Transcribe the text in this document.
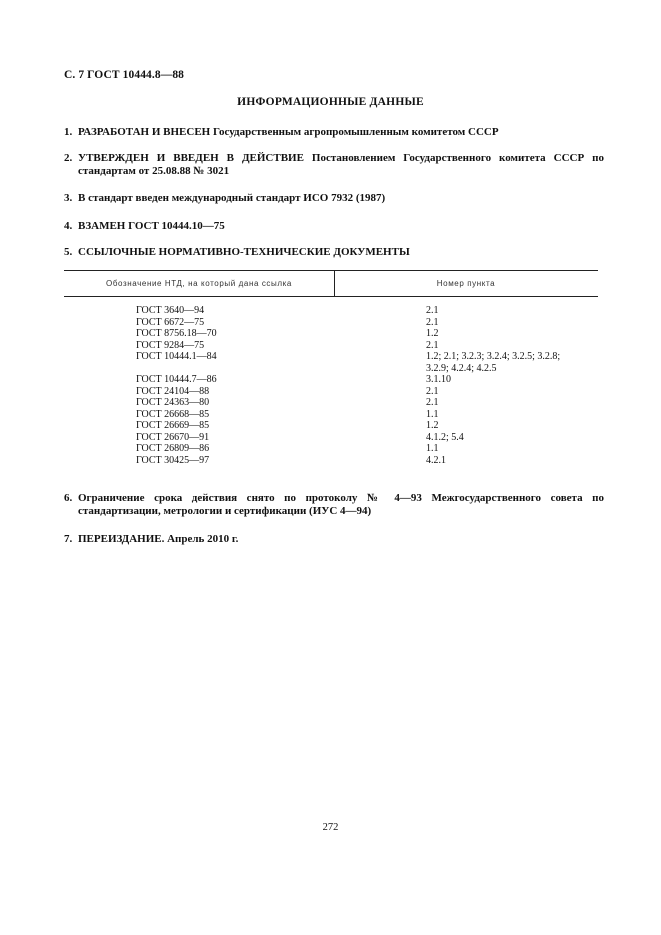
С. 7 ГОСТ 10444.8—88
ИНФОРМАЦИОННЫЕ ДАННЫЕ
1. РАЗРАБОТАН И ВНЕСЕН Государственным агропромышленным комитетом СССР
2. УТВЕРЖДЕН И ВВЕДЕН В ДЕЙСТВИЕ Постановлением Государственного комитета СССР по стандартам от 25.08.88 № 3021
3. В стандарт введен международный стандарт ИСО 7932 (1987)
4. ВЗАМЕН ГОСТ 10444.10—75
5. ССЫЛОЧНЫЕ НОРМАТИВНО-ТЕХНИЧЕСКИЕ ДОКУМЕНТЫ
Обозначение НТД, на который дана ссылка	Номер пункта
ГОСТ 3640—94
ГОСТ 6672—75
ГОСТ 8756.18—70
ГОСТ 9284—75
ГОСТ 10444.1—84

ГОСТ 10444.7—86
ГОСТ 24104—88
ГОСТ 24363—80
ГОСТ 26668—85
ГОСТ 26669—85
ГОСТ 26670—91
ГОСТ 26809—86
ГОСТ 30425—97
2.1
2.1
1.2
2.1
1.2; 2.1; 3.2.3; 3.2.4; 3.2.5; 3.2.8;
3.2.9; 4.2.4; 4.2.5
3.1.10
2.1
2.1
1.1
1.2
4.1.2; 5.4
1.1
4.2.1
6. Ограничение срока действия снято по протоколу № 4—93 Межгосударственного совета по стандартизации, метрологии и сертификации (ИУС 4—94)
7. ПЕРЕИЗДАНИЕ. Апрель 2010 г.
272
